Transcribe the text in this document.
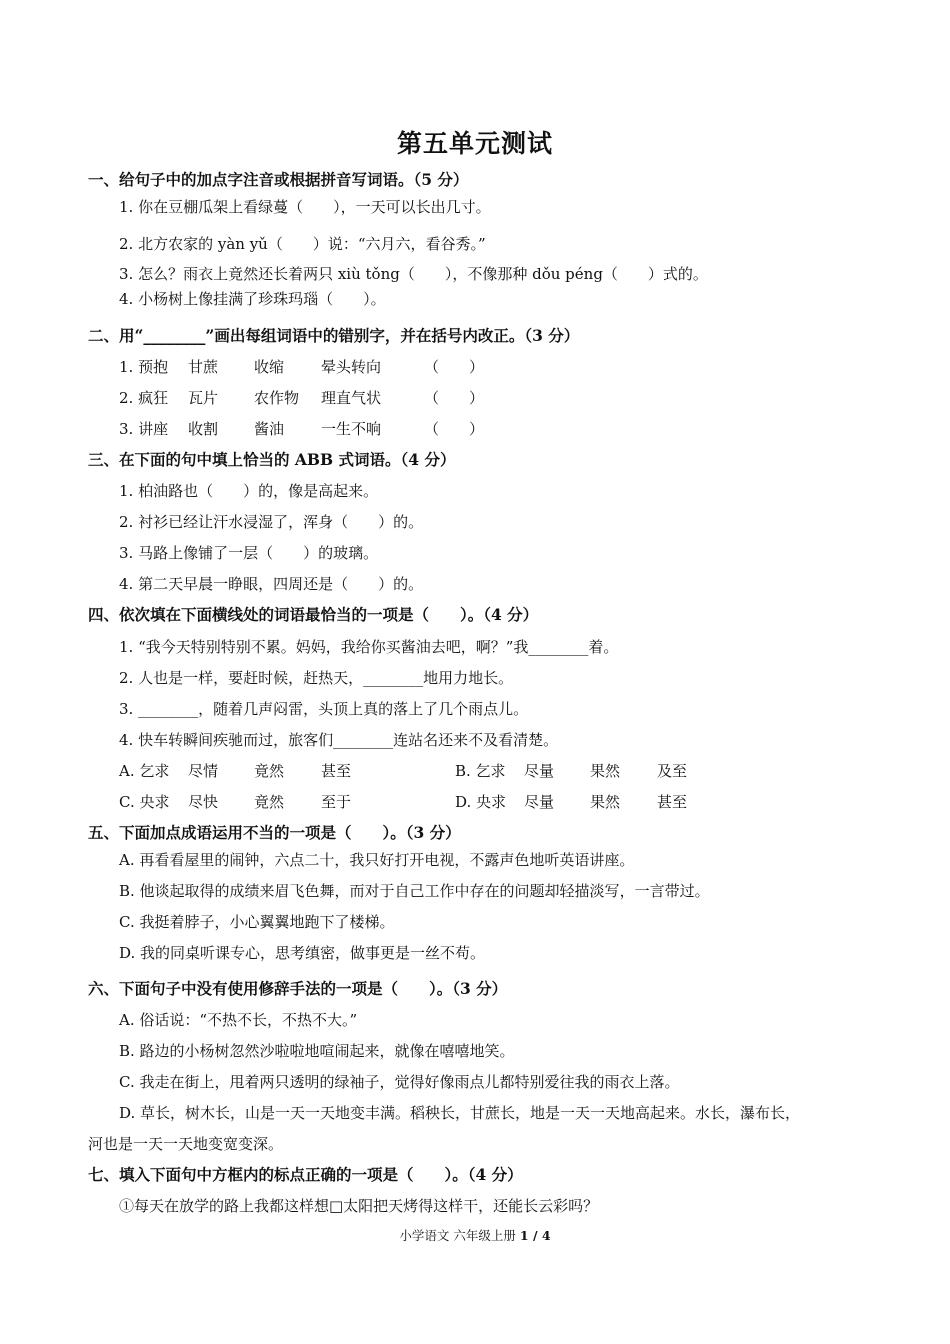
第五单元测试
一、给句子中的加点字注音或根据拼音写词语。（5 分）
1. 你在豆棚瓜架上看绿蔓（　　），一天可以长出几寸。
2. 北方农家的 yàn yǔ（　　）说：“六月六，看谷秀。”
3. 怎么？雨衣上竟然还长着两只 xiù tǒng（　　），不像那种 dǒu péng（　　）式的。
4. 小杨树上像挂满了珍珠玛瑙（　　）。
二、用“________”画出每组词语中的错别字，并在括号内改正。（3 分）
1. 预抱 甘蔗 收缩 晕头转向	（　　）
2. 疯狂 瓦片 农作物 理直气状	（　　）
3. 讲座 收割 酱油 一生不响	（　　）
三、在下面的句中填上恰当的 ABB 式词语。（4 分）
1. 柏油路也（　　）的，像是高起来。
2. 衬衫已经让汗水浸湿了，浑身（　　）的。
3. 马路上像铺了一层（　　）的玻璃。
4. 第二天早晨一睁眼，四周还是（　　）的。
四、依次填在下面横线处的词语最恰当的一项是（　　）。（4 分）
1. “我今天特别特别不累。妈妈，我给你买酱油去吧，啊？”我________着。
2. 人也是一样，要赶时候，赶热天，________地用力地长。
3. ________，随着几声闷雷，头顶上真的落上了几个雨点儿。
4. 快车转瞬间疾驰而过，旅客们________连站名还来不及看清楚。
A. 乞求 尽情 竟然 甚至	B. 乞求 尽量 果然 及至
C. 央求 尽快 竟然 至于	D. 央求 尽量 果然 甚至
五、下面加点成语运用不当的一项是（　　）。（3 分）
A. 再看看屋里的闹钟，六点二十，我只好打开电视，不露声色地听英语讲座。
B. 他谈起取得的成绩来眉飞色舞，而对于自己工作中存在的问题却轻描淡写，一言带过。
C. 我挺着脖子，小心翼翼地跑下了楼梯。
D. 我的同桌听课专心，思考缜密，做事更是一丝不苟。
六、下面句子中没有使用修辞手法的一项是（　　）。（3 分）
A. 俗话说：“不热不长，不热不大。”
B. 路边的小杨树忽然沙啦啦地喧闹起来，就像在嘻嘻地笑。
C. 我走在街上，甩着两只透明的绿袖子，觉得好像雨点儿都特别爱往我的雨衣上落。
D. 草长，树木长，山是一天一天地变丰满。稻秧长，甘蔗长，地是一天一天地高起来。水长，瀑布长，
河也是一天一天地变宽变深。
七、填入下面句中方框内的标点正确的一项是（　　）。（4 分）
①每天在放学的路上我都这样想□太阳把天烤得这样干，还能长云彩吗？
小学语文 六年级上册 1 / 4
